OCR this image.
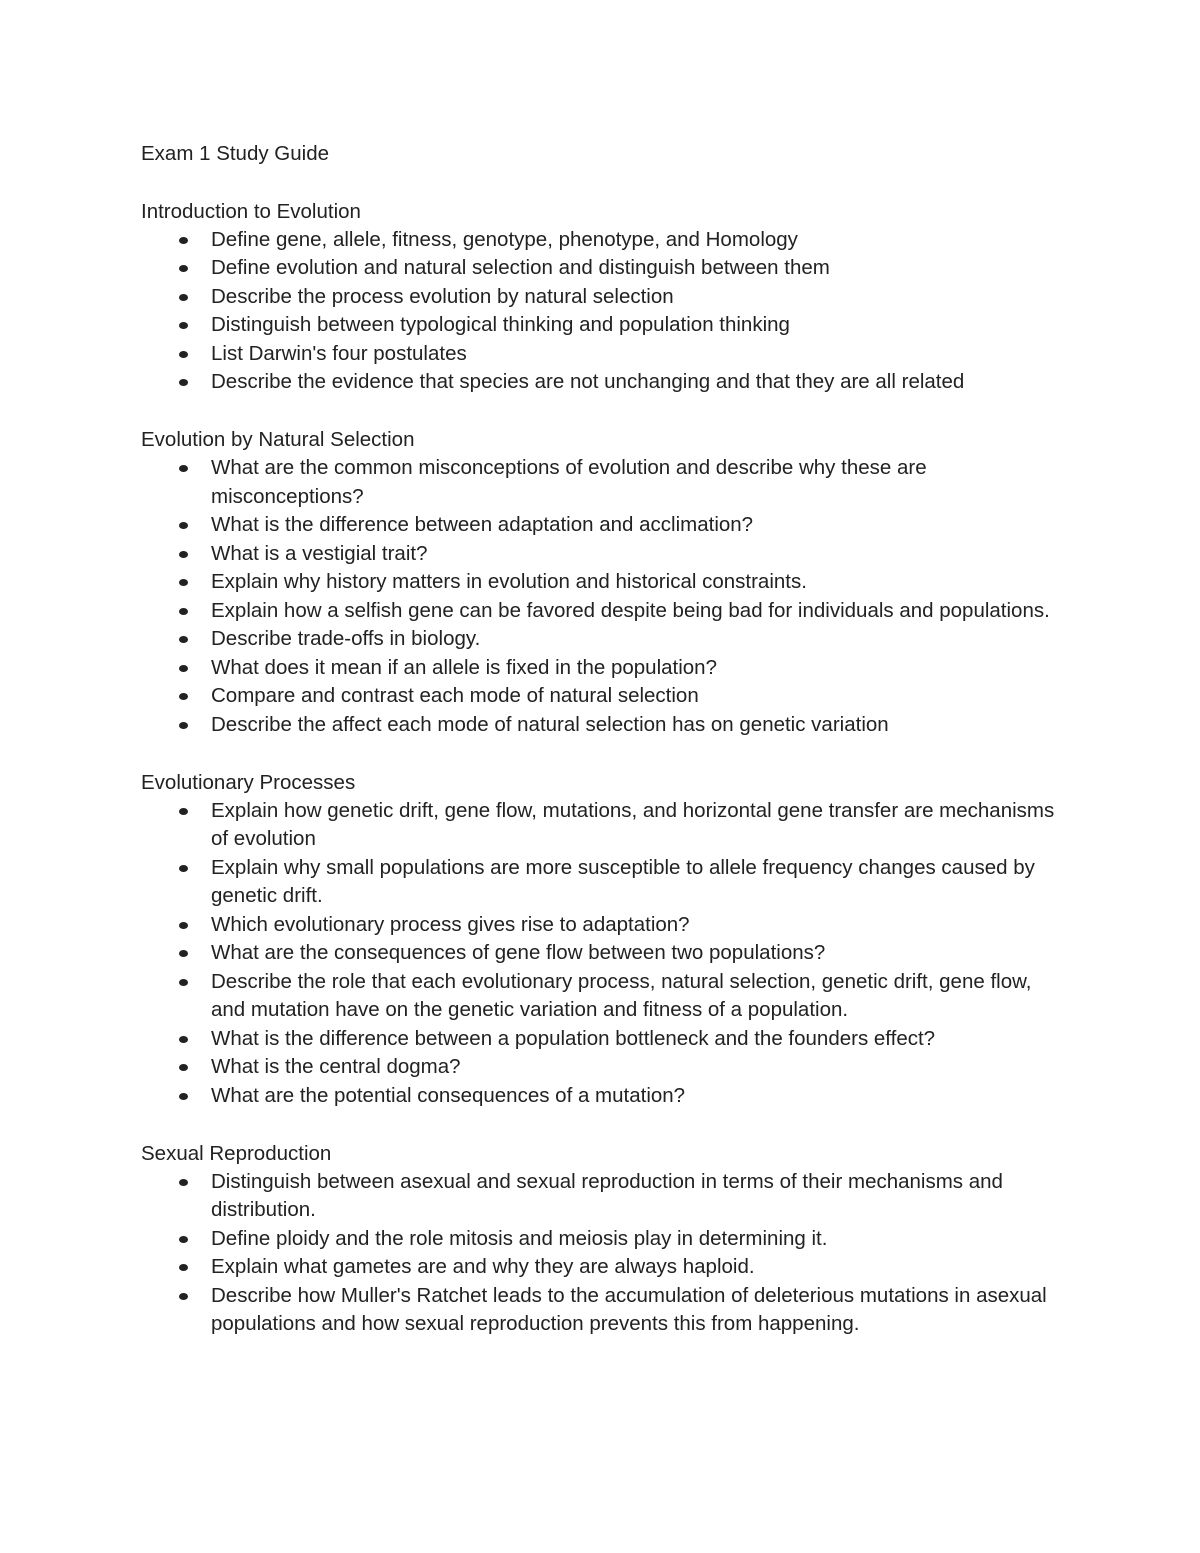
Exam 1 Study Guide
Introduction to Evolution
Define gene, allele, fitness, genotype, phenotype, and Homology
Define evolution and natural selection and distinguish between them
Describe the process evolution by natural selection
Distinguish between typological thinking and population thinking
List Darwin's four postulates
Describe the evidence that species are not unchanging and that they are all related
Evolution by Natural Selection
What are the common misconceptions of evolution and describe why these are misconceptions?
What is the difference between adaptation and acclimation?
What is a vestigial trait?
Explain why history matters in evolution and historical constraints.
Explain how a selfish gene can be favored despite being bad for individuals and populations.
Describe trade-offs in biology.
What does it mean if an allele is fixed in the population?
Compare and contrast each mode of natural selection
Describe the affect each mode of natural selection has on genetic variation
Evolutionary Processes
Explain how genetic drift, gene flow, mutations, and horizontal gene transfer are mechanisms of evolution
Explain why small populations are more susceptible to allele frequency changes caused by genetic drift.
Which evolutionary process gives rise to adaptation?
What are the consequences of gene flow between two populations?
Describe the role that each evolutionary process, natural selection, genetic drift, gene flow, and mutation have on the genetic variation and fitness of a population.
What is the difference between a population bottleneck and the founders effect?
What is the central dogma?
What are the potential consequences of a mutation?
Sexual Reproduction
Distinguish between asexual and sexual reproduction in terms of their mechanisms and distribution.
Define ploidy and the role mitosis and meiosis play in determining it.
Explain what gametes are and why they are always haploid.
Describe how Muller's Ratchet leads to the accumulation of deleterious mutations in asexual populations and how sexual reproduction prevents this from happening.
